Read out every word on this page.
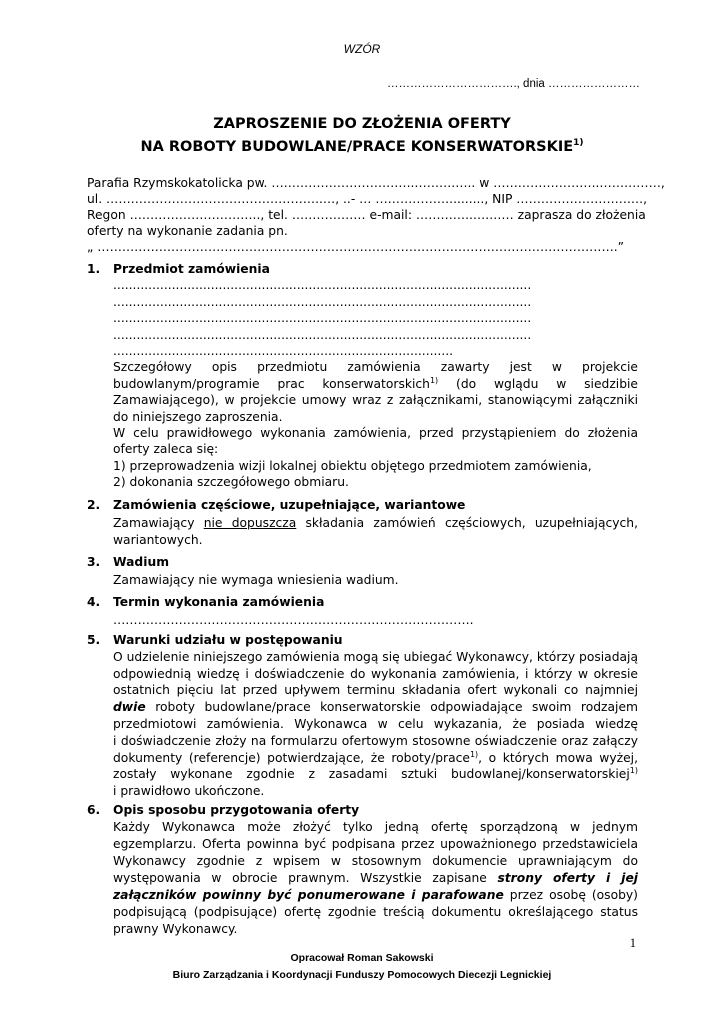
WZÓR
……………………………., dnia ……………………
ZAPROSZENIE DO ZŁOŻENIA OFERTY
NA ROBOTY BUDOWLANE/PRACE KONSERWATORSKIE$^{1)}$
Parafia Rzymskokatolicka pw. ……………………………..……….….. w ……………………..……………,
ul. ……………………………………………..…, ..- … ………………........., NIP ……………………….…,
Regon ………………………….., tel. ……………… e-mail: …………..….…… zaprasza do złożenia
oferty na wykonanie zadania pn.
„ ……………………………………………………………………………………………………………….”
1. Przedmiot zamówienia
...........................................................................................................
...........................................................................................................
...........................................................................................................
...........................................................................................................
.......................................................................................
Szczegółowy opis przedmiotu zamówienia zawarty jest w projekcie
budowlanym/programie prac konserwatorskich$^{1)}$ (do wglądu w siedzibie
Zamawiającego), w projekcie umowy wraz z załącznikami, stanowiącymi załączniki
do niniejszego zaproszenia.
W celu prawidłowego wykonania zamówienia, przed przystąpieniem do złożenia
oferty zaleca się:
1) przeprowadzenia wizji lokalnej obiektu objętego przedmiotem zamówienia,
2) dokonania szczegółowego obmiaru.
2. Zamówienia częściowe, uzupełniające, wariantowe
Zamawiający nie dopuszcza składania zamówień częściowych, uzupełniających,
wariantowych.
3. Wadium
Zamawiający nie wymaga wniesienia wadium.
4. Termin wykonania zamówienia
…………………………………………………………………………….
5. Warunki udziału w postępowaniu
O udzielenie niniejszego zamówienia mogą się ubiegać Wykonawcy, którzy posiadają
odpowiednią wiedzę i doświadczenie do wykonania zamówienia, i którzy w okresie
ostatnich pięciu lat przed upływem terminu składania ofert wykonali co najmniej
dwie roboty budowlane/prace konserwatorskie odpowiadające swoim rodzajem
przedmiotowi zamówienia. Wykonawca w celu wykazania, że posiada wiedzę
i doświadczenie złoży na formularzu ofertowym stosowne oświadczenie oraz załączy
dokumenty (referencje) potwierdzające, że roboty/prace$^{1)}$, o których mowa wyżej,
zostały wykonane zgodnie z zasadami sztuki budowlanej/konserwatorskiej$^{1)}$
i prawidłowo ukończone.
6. Opis sposobu przygotowania oferty
Każdy Wykonawca może złożyć tylko jedną ofertę sporządzoną w jednym
egzemplarzu. Oferta powinna być podpisana przez upoważnionego przedstawiciela
Wykonawcy zgodnie z wpisem w stosownym dokumencie uprawniającym do
występowania w obrocie prawnym. Wszystkie zapisane strony oferty i jej
załączników powinny być ponumerowane i parafowane przez osobę (osoby)
podpisującą (podpisujące) ofertę zgodnie treścią dokumentu określającego status
prawny Wykonawcy.
1
Opracował Roman Sakowski
Biuro Zarządzania i Koordynacji Funduszy Pomocowych Diecezji Legnickiej
